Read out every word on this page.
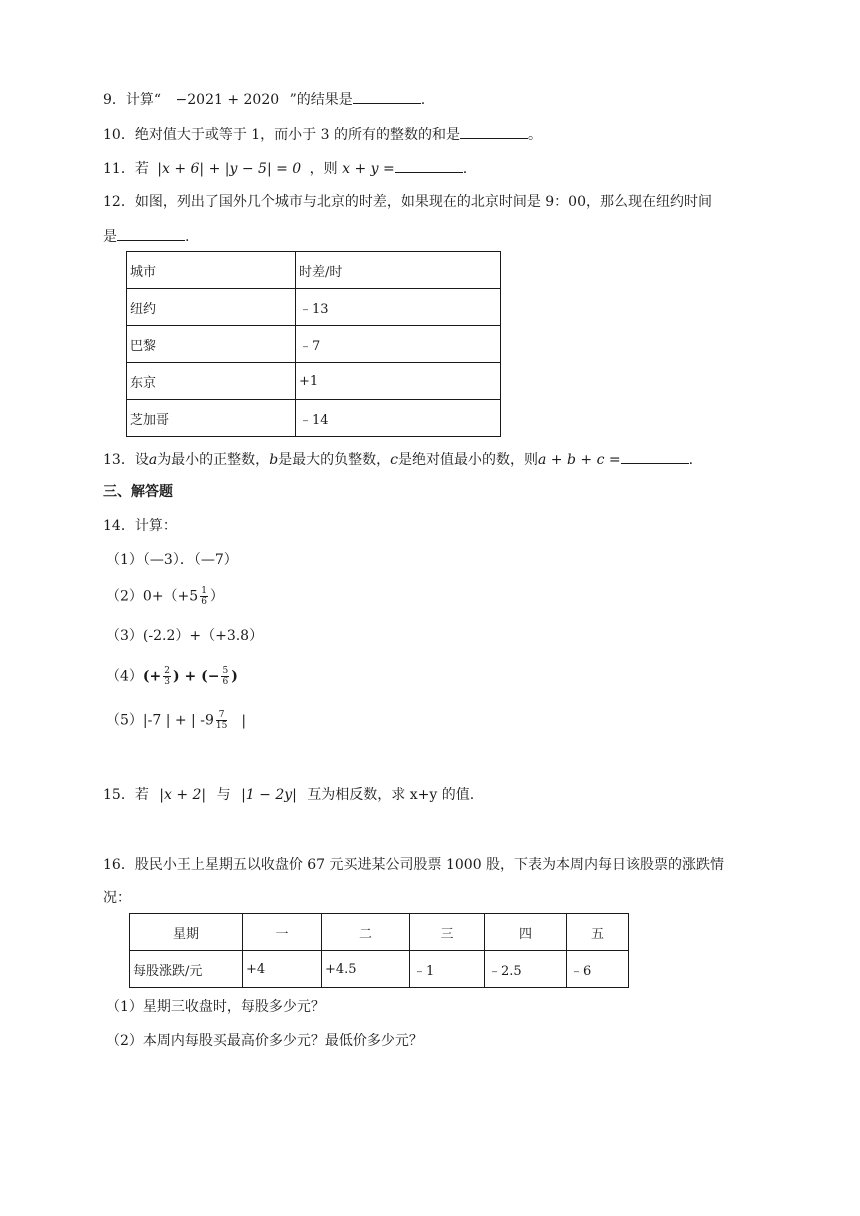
9．计算“ −2021 + 2020 ”的结果是	.
10．绝对值大于或等于 1，而小于 3 的所有的整数的和是	。
11．若 |x + 6| + |y − 5| = 0 ，则 x + y =	.
12．如图，列出了国外几个城市与北京的时差，如果现在的北京时间是 9：00，那么现在纽约时间
是	.
城市	时差/时
纽约	﹣13
巴黎	﹣7
东京	+1
芝加哥	﹣14
13．设a为最小的正整数，b是最大的负整数，c是绝对值最小的数，则a + b + c =	.
三、解答题
14．计算：
（1）（—3）．（—7）
$(2)0+(+5 \frac{1}{6}$ ）
（3）(-2.2）+（+3.8）
$(4)(+ \frac{2}{3}$ ) + (− $\frac{5}{6}$ )
（5）|-7 | + | $-9 \frac{7}{15}$ |
15．若 |x + 2| 与 |1 − 2y| 互为相反数，求 x+y 的值.
16．股民小王上星期五以收盘价 67 元买进某公司股票 1000 股，下表为本周内每日该股票的涨跌情
况：
星期	一	二	三	四	五
每股涨跌/元	+4	+4.5	﹣1	﹣2.5	﹣6
（1）星期三收盘时，每股多少元？
（2）本周内每股买最高价多少元？最低价多少元？
